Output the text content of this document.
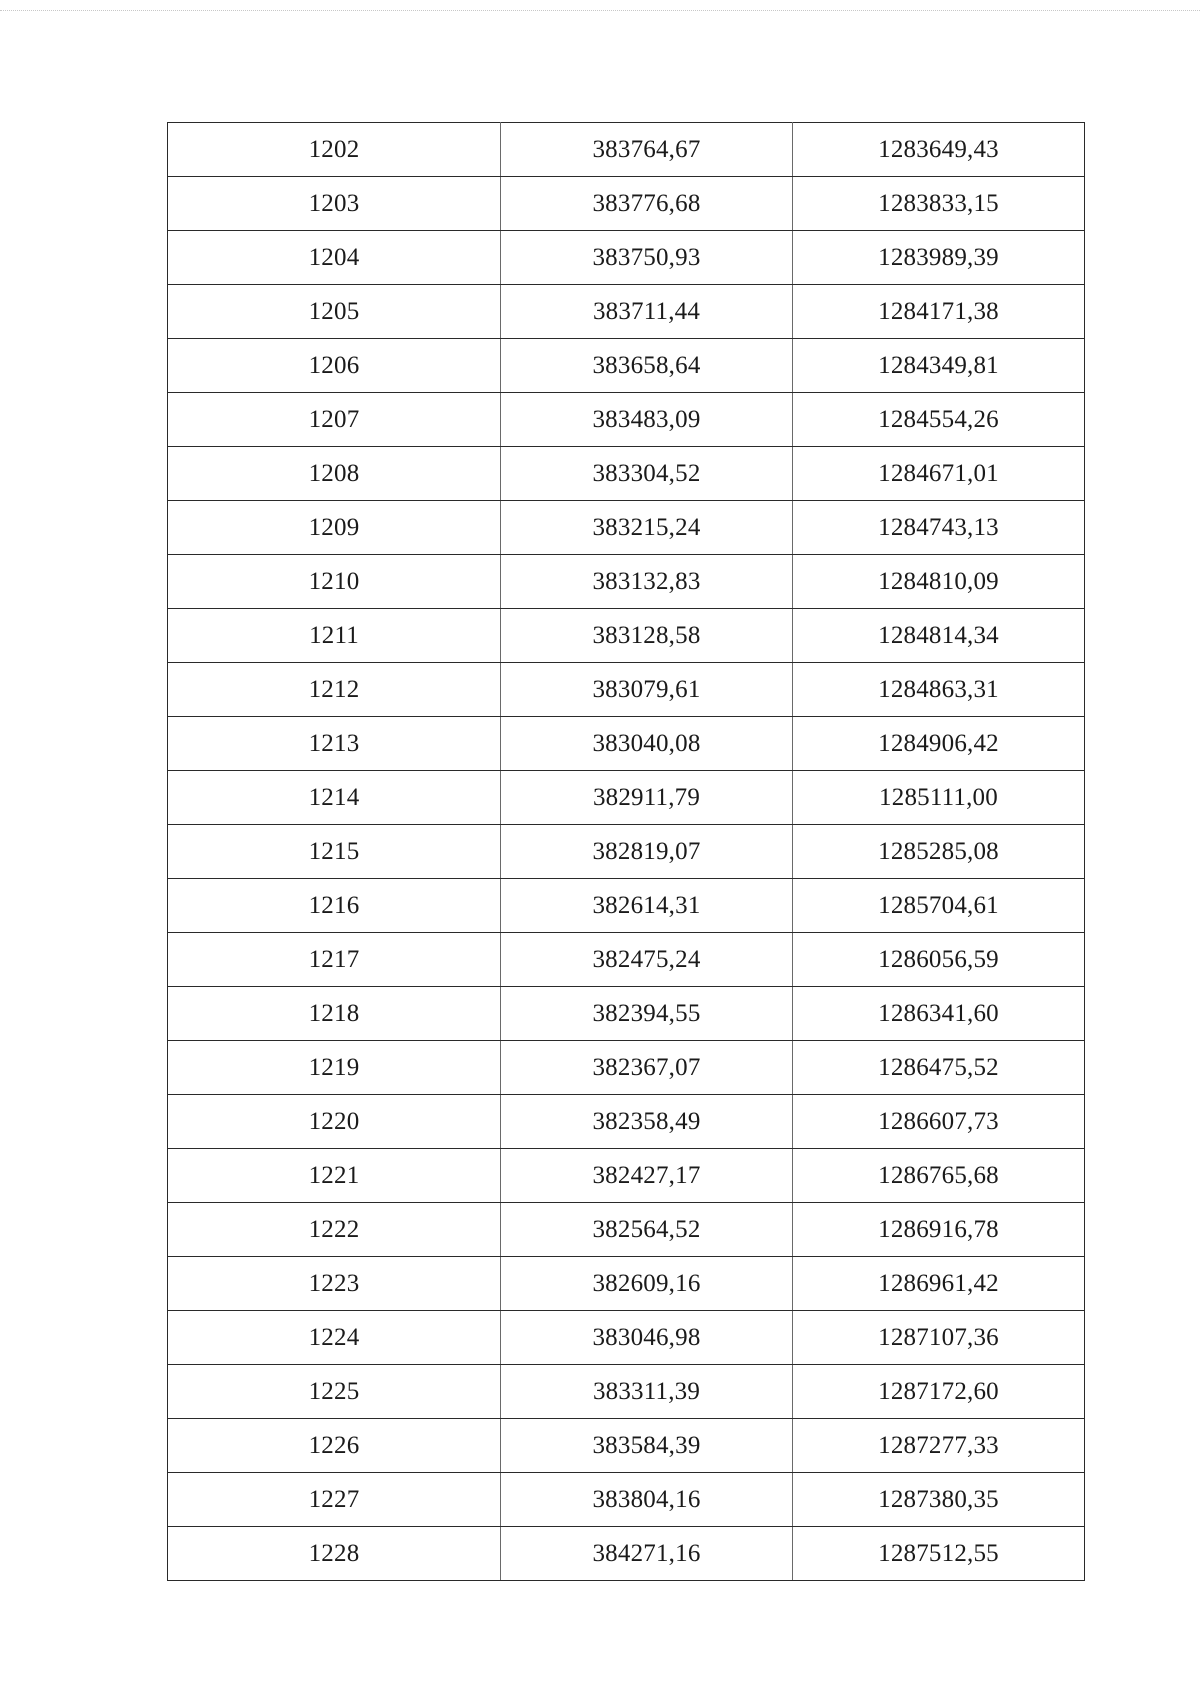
1202	383764,67	1283649,43
1203	383776,68	1283833,15
1204	383750,93	1283989,39
1205	383711,44	1284171,38
1206	383658,64	1284349,81
1207	383483,09	1284554,26
1208	383304,52	1284671,01
1209	383215,24	1284743,13
1210	383132,83	1284810,09
1211	383128,58	1284814,34
1212	383079,61	1284863,31
1213	383040,08	1284906,42
1214	382911,79	1285111,00
1215	382819,07	1285285,08
1216	382614,31	1285704,61
1217	382475,24	1286056,59
1218	382394,55	1286341,60
1219	382367,07	1286475,52
1220	382358,49	1286607,73
1221	382427,17	1286765,68
1222	382564,52	1286916,78
1223	382609,16	1286961,42
1224	383046,98	1287107,36
1225	383311,39	1287172,60
1226	383584,39	1287277,33
1227	383804,16	1287380,35
1228	384271,16	1287512,55
